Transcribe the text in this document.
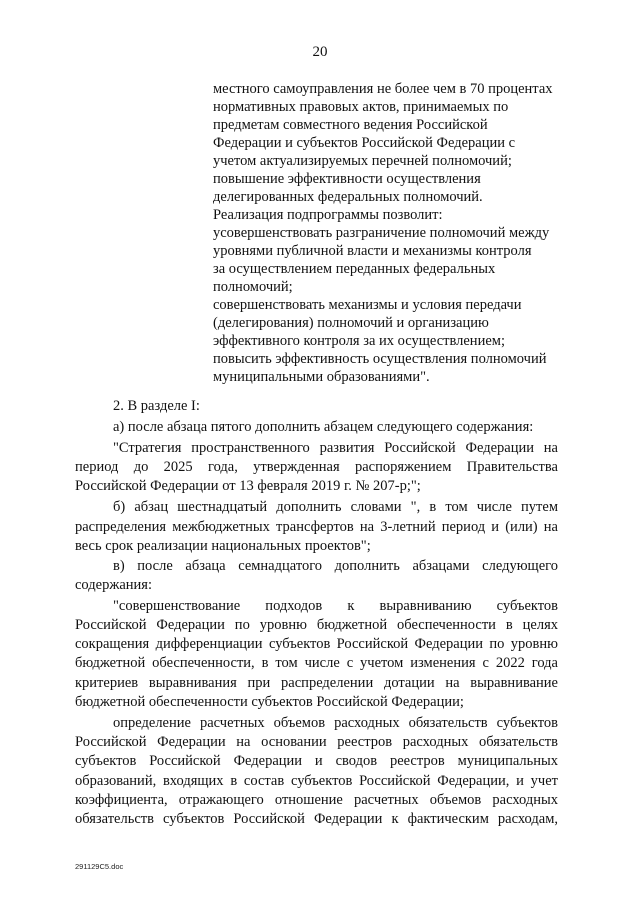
20
местного самоуправления не более чем в 70 процентах
нормативных правовых актов, принимаемых по
предметам совместного ведения Российской
Федерации и субъектов Российской Федерации с
учетом актуализируемых перечней полномочий;
повышение эффективности осуществления
делегированных федеральных полномочий.
Реализация подпрограммы позволит:
усовершенствовать разграничение полномочий между
уровнями публичной власти и механизмы контроля
за осуществлением переданных федеральных
полномочий;
совершенствовать механизмы и условия передачи
(делегирования) полномочий и организацию
эффективного контроля за их осуществлением;
повысить эффективность осуществления полномочий
муниципальными образованиями".
2. В разделе I:
а) после абзаца пятого дополнить абзацем следующего содержания:
"Стратегия пространственного развития Российской Федерации на
период до 2025 года, утвержденная распоряжением Правительства
Российской Федерации от 13 февраля 2019 г. № 207-р;";
б) абзац шестнадцатый дополнить словами ", в том числе путем
распределения межбюджетных трансфертов на 3-летний период и (или) на
весь срок реализации национальных проектов";
в) после абзаца семнадцатого дополнить абзацами следующего
содержания:
"совершенствование подходов к выравниванию субъектов
Российской Федерации по уровню бюджетной обеспеченности в целях
сокращения дифференциации субъектов Российской Федерации по уровню
бюджетной обеспеченности, в том числе с учетом изменения с 2022 года
критериев выравнивания при распределении дотации на выравнивание
бюджетной обеспеченности субъектов Российской Федерации;
определение расчетных объемов расходных обязательств субъектов
Российской Федерации на основании реестров расходных обязательств
субъектов Российской Федерации и сводов реестров муниципальных
образований, входящих в состав субъектов Российской Федерации, и учет
коэффициента, отражающего отношение расчетных объемов расходных
обязательств субъектов Российской Федерации к фактическим расходам,
291129C5.doc
